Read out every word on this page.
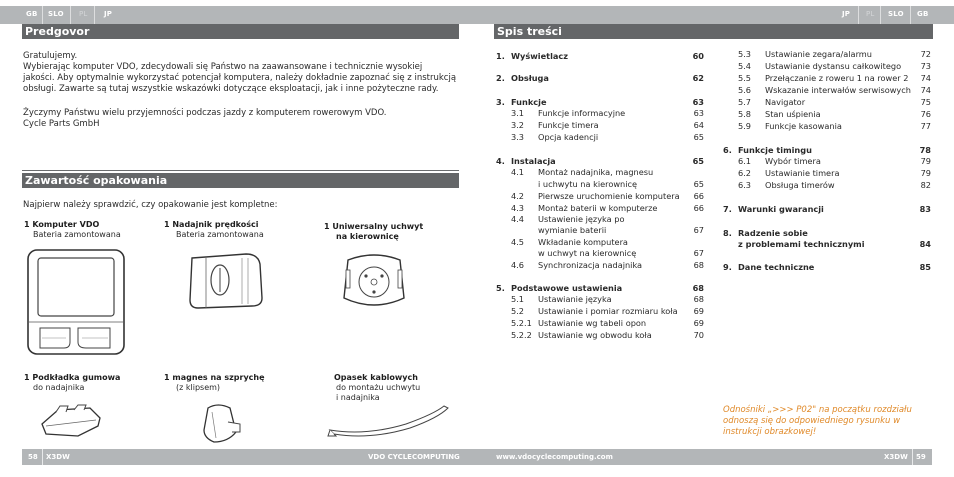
GB SLO PL JP	JP PL SLO GB
Predgovor
Gratulujemy.
Wybierając komputer VDO, zdecydowali się Państwo na zaawansowane i technicznie wysokiej
jakości. Aby optymalnie wykorzystać potencjał komputera, należy dokładnie zapoznać się z instrukcją
obsługi. Zawarte są tutaj wszystkie wskazówki dotyczące eksploatacji, jak i inne pożyteczne rady.
Życzymy Państwu wielu przyjemności podczas jazdy z komputerem rowerowym VDO.
Cycle Parts GmbH
Zawartość opakowania
Najpierw należy sprawdzić, czy opakowanie jest kompletne:
1 Komputer VDO
Bateria zamontowana
1 Nadajnik prędkości
Bateria zamontowana
1 Uniwersalny uchwyt
na kierownicę
1 Podkładka gumowa
do nadajnika
1 magnes na szprychę
(z klipsem)
Opasek kablowych
do montażu uchwytu
i nadajnika
Spis treści
1. Wyświetlacz	60
2. Obsługa	62
3. Funkcje	63
3.1 Funkcje informacyjne	63
3.2 Funkcje timera	64
3.3 Opcja kadencji	65
4. Instalacja	65
4.1 Montaż nadajnika, magnesu
i uchwytu na kierownicę	65
4.2 Pierwsze uruchomienie komputera 66
4.3 Montaż baterii w komputerze	66
4.4 Ustawienie języka po
wymianie baterii	67
4.5 Wkładanie komputera
w uchwyt na kierownicę	67
4.6 Synchronizacja nadajnika	68
5. Podstawowe ustawienia	68
5.1 Ustawianie języka	68
5.2 Ustawianie i pomiar rozmiaru koła 69
5.2.1 Ustawianie wg tabeli opon	69
5.2.2 Ustawianie wg obwodu koła	70
5.3 Ustawianie zegara/alarmu	72
5.4 Ustawianie dystansu całkowitego 73
5.5 Przełączanie z roweru 1 na rower 2 74
5.6 Wskazanie interwałów serwisowych 74
5.7 Navigator	75
5.8 Stan uśpienia	76
5.9 Funkcje kasowania	77
6. Funkcje timingu	78
6.1 Wybór timera	79
6.2 Ustawianie timera	79
6.3 Obsługa timerów	82
7. Warunki gwarancji	83
8. Radzenie sobie
z problemami technicznymi	84
9. Dane techniczne	85
Odnośniki „>>> P02" na początku rozdziału
odnoszą się do odpowiedniego rysunku w
instrukcji obrazkowej!
58 X3DW	VDO CYCLECOMPUTING	www.vdocyclecomputing.com	X3DW 59
